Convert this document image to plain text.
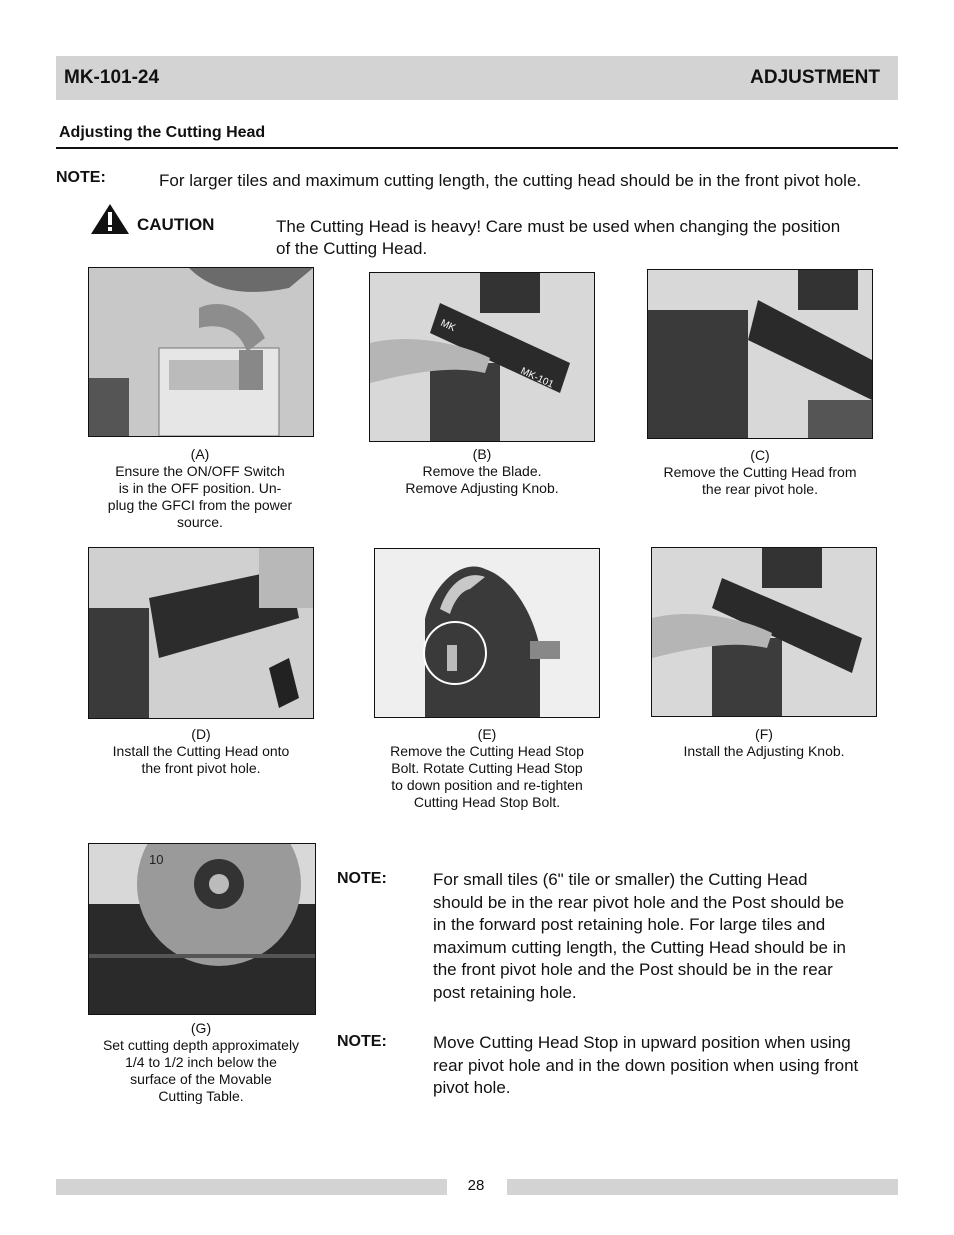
MK-101-24	ADJUSTMENT
Adjusting the Cutting Head
NOTE:	For larger tiles and maximum cutting length, the cutting head should be in the front pivot hole.
CAUTION	The Cutting Head is heavy! Care must be used when changing the position
of the Cutting Head.
MK
MK-101
(A)
Ensure the ON/OFF Switch
is in the OFF position. Un-
plug the GFCI from the power
source.
(B)
Remove the Blade.
Remove Adjusting Knob.
(C)
Remove the Cutting Head from
the rear pivot hole.
(D)
Install the Cutting Head onto
the front pivot hole.
(E)
Remove the Cutting Head Stop
Bolt. Rotate Cutting Head Stop
to down position and re-tighten
Cutting Head Stop Bolt.
(F)
Install the Adjusting Knob.
10
(G)
Set cutting depth approximately
1/4 to 1/2 inch below the
surface of the Movable
Cutting Table.
NOTE:	For small tiles (6" tile or smaller) the Cutting Head
should be in the rear pivot hole and the Post should be
in the forward post retaining hole. For large tiles and
maximum cutting length, the Cutting Head should be in
the front pivot hole and the Post should be in the rear
post retaining hole.
NOTE:	Move Cutting Head Stop in upward position when using
rear pivot hole and in the down position when using front
pivot hole.
28
